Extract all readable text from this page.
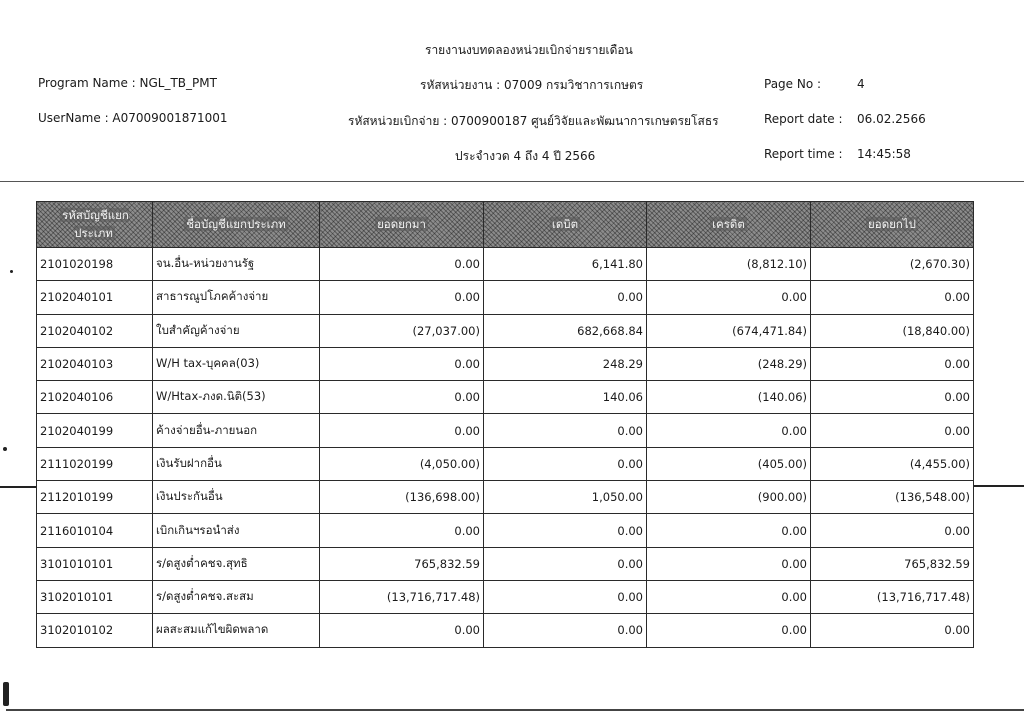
รายงานงบทดลองหน่วยเบิกจ่ายรายเดือน
Program Name : NGL_TB_PMT	รหัสหน่วยงาน : 07009 กรมวิชาการเกษตร	Page No :	4
UserName : A07009001871001	รหัสหน่วยเบิกจ่าย : 0700900187 ศูนย์วิจัยและพัฒนาการเกษตรยโสธร	Report date : 06.02.2566
ประจำงวด 4 ถึง 4 ปี 2566	Report time : 14:45:58
รหัสบัญชีแยกประเภท	ชื่อบัญชีแยกประเภท	ยอดยกมา	เดบิต	เครดิต	ยอดยกไป
2101020198	จน.อื่น-หน่วยงานรัฐ	0.00	6,141.80	(8,812.10)	(2,670.30)
2102040101	สาธารณูปโภคค้างจ่าย	0.00	0.00	0.00	0.00
2102040102	ใบสำคัญค้างจ่าย	(27,037.00)	682,668.84	(674,471.84)	(18,840.00)
2102040103	W/H tax-บุคคล(03)	0.00	248.29	(248.29)	0.00
2102040106	W/Htax-ภงด.นิติ(53)	0.00	140.06	(140.06)	0.00
2102040199	ค้างจ่ายอื่น-ภายนอก	0.00	0.00	0.00	0.00
2111020199	เงินรับฝากอื่น	(4,050.00)	0.00	(405.00)	(4,455.00)
2112010199	เงินประกันอื่น	(136,698.00)	1,050.00	(900.00)	(136,548.00)
2116010104	เบิกเกินฯรอนำส่ง	0.00	0.00	0.00	0.00
3101010101	ร/ดสูงต่ำคชจ.สุทธิ	765,832.59	0.00	0.00	765,832.59
3102010101	ร/ดสูงต่ำคชจ.สะสม	(13,716,717.48)	0.00	0.00	(13,716,717.48)
3102010102	ผลสะสมแก้ไขผิดพลาด	0.00	0.00	0.00	0.00
